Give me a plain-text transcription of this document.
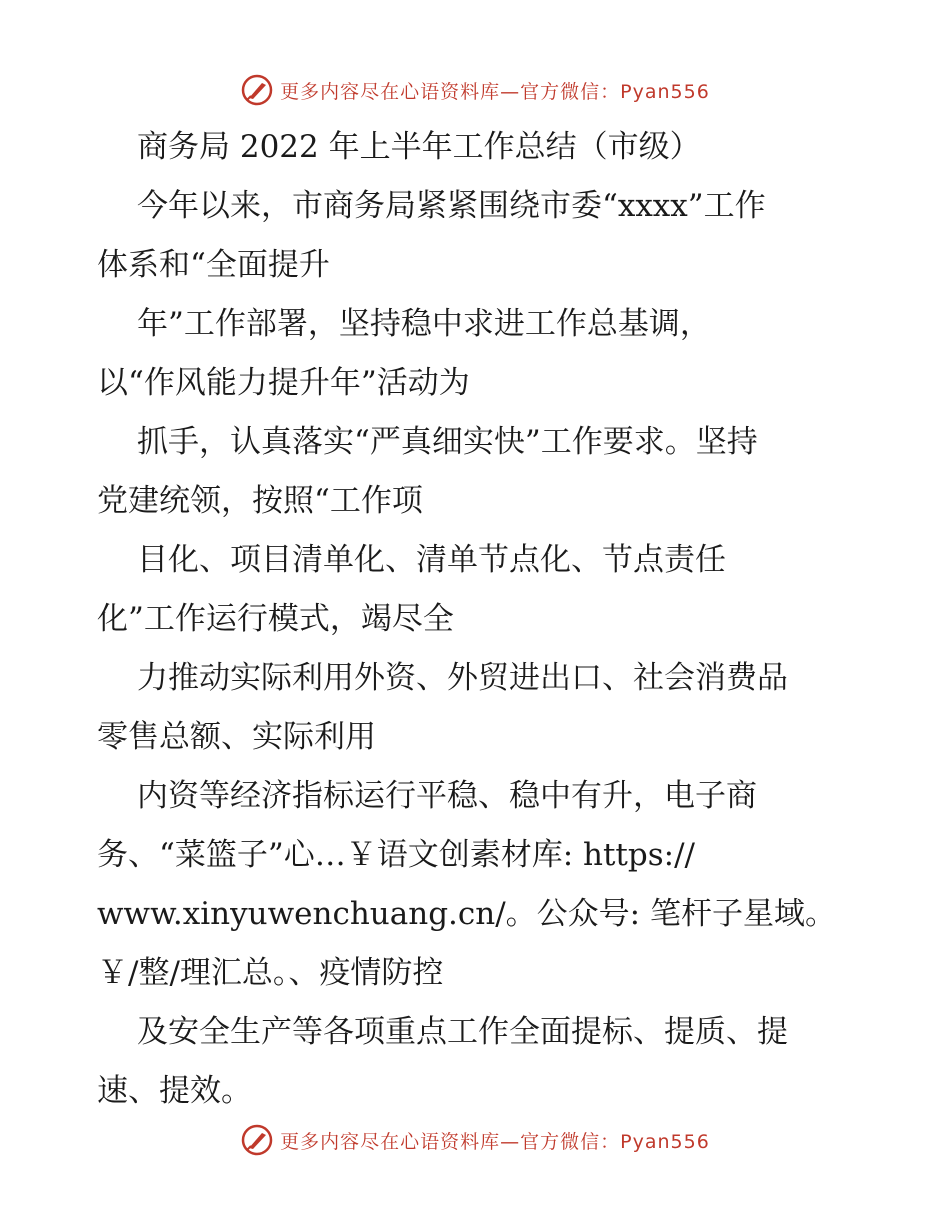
更多内容尽在心语资料库—官方微信：Pyan556
商务局 2022 年上半年工作总结（市级）
今年以来，市商务局紧紧围绕市委“xxxx”工作
体系和“全面提升
年”工作部署，坚持稳中求进工作总基调，
以“作风能力提升年”活动为
抓手，认真落实“严真细实快”工作要求。坚持
党建统领，按照“工作项
目化、项目清单化、清单节点化、节点责任
化”工作运行模式，竭尽全
力推动实际利用外资、外贸进出口、社会消费品
零售总额、实际利用
内资等经济指标运行平稳、稳中有升，电子商
务、“菜篮子”心…￥语文创素材库: https://
www.xinyuwenchuang.cn/。公众号: 笔杆子星域。
￥/整/理汇总。、疫情防控
及安全生产等各项重点工作全面提标、提质、提
速、提效。
更多内容尽在心语资料库—官方微信：Pyan556
